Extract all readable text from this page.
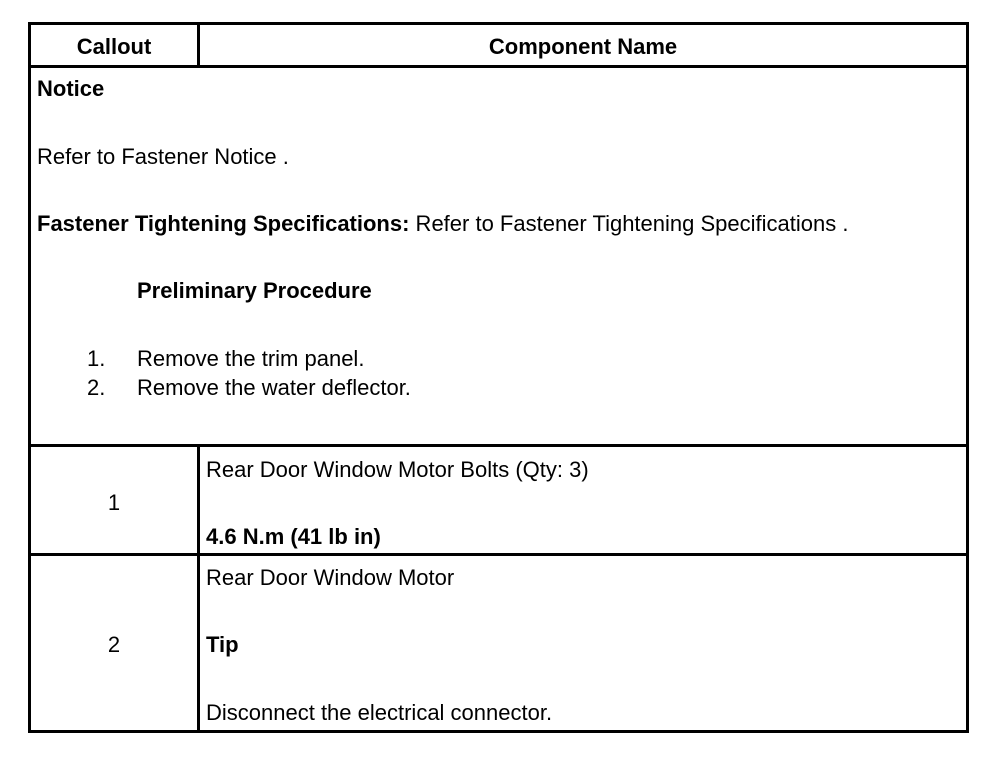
Callout	Component Name
Notice
Refer to Fastener Notice .
Fastener Tightening Specifications: Refer to Fastener Tightening Specifications .
Preliminary Procedure
1. Remove the trim panel.
2. Remove the water deflector.
1
Rear Door Window Motor Bolts (Qty: 3)
4.6 N.m (41 lb in)
2
Rear Door Window Motor
Tip
Disconnect the electrical connector.
